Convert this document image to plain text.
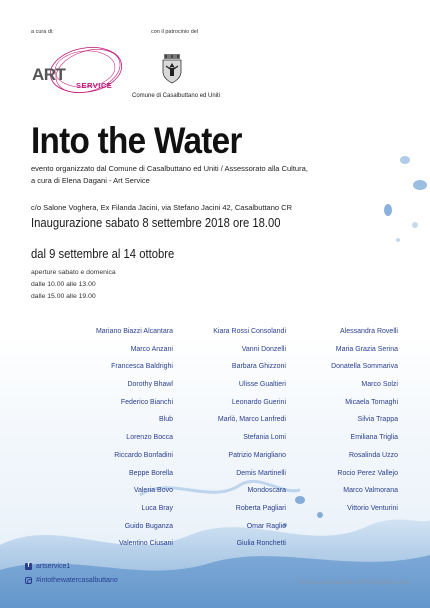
a cura di:	con il patrocinio del
ART
SERVICE
Comune di Casalbuttano ed Uniti
Into the Water
evento organizzato dal Comune di Casalbuttano ed Uniti / Assessorato alla Cultura,
a cura di Elena Dagani - Art Service
c/o Salone Voghera, Ex Filanda Jacini, via Stefano Jacini 42, Casalbuttano CR
Inaugurazione sabato 8 settembre 2018 ore 18.00
dal 9 settembre al 14 ottobre
aperture sabato e domenica
dalle 10.00 alle 13.00
dalle 15.00 alle 19.00
Mariano Biazzi Alcantara
Marco Anzani
Francesca Baldrighi
Dorothy Bhawl
Federico Bianchi
Blub
Lorenzo Bocca
Riccardo Bonfadini
Beppe Borella
Valeria Bovo
Luca Bray
Guido Buganza
Valentino Ciusani
Kiara Rossi Consolandi
Vanni Donzelli
Barbara Ghizzoni
Ulisse Gualtieri
Leonardo Guerini
Marlò, Marco Lanfredi
Stefania Lomi
Patrizio Marigliano
Demis Martinelli
Mondoscara
Roberta Pagliari
Omar Raglio
Giulia Ronchetti
Alessandra Rovelli
Maria Grazia Serina
Donatella Sommariva
Marco Solzi
Micaela Tornaghi
Silvia Trappa
Emiliana Triglia
Rosalinda Uzzo
Rocio Perez Vallejo
Marco Valmorana
Vittorio Venturini
f artservice1
#intothewatercasalbuttano	Grafica realizzata da OFFICIOgrafico.com
